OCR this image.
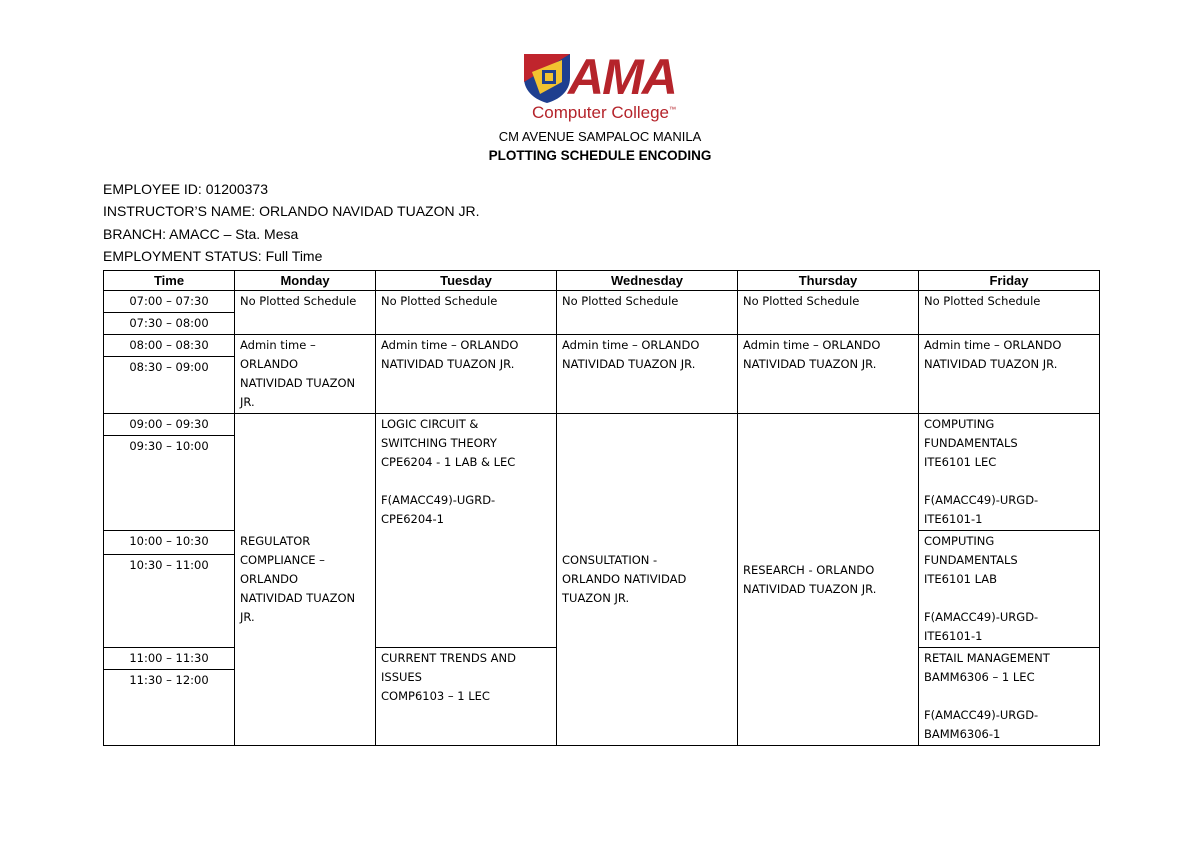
AMA
Computer College™
CM AVENUE SAMPALOC MANILA
PLOTTING SCHEDULE ENCODING
EMPLOYEE ID: 01200373
INSTRUCTOR’S NAME: ORLANDO NAVIDAD TUAZON JR.
BRANCH: AMACC – Sta. Mesa
EMPLOYMENT STATUS: Full Time
Time	Monday	Tuesday	Wednesday	Thursday	Friday
07:00 – 07:30	No Plotted Schedule	No Plotted Schedule	No Plotted Schedule	No Plotted Schedule	No Plotted Schedule
07:30 – 08:00					
08:00 – 08:30	Admin time –
ORLANDO
NATIVIDAD TUAZON
JR.	Admin time – ORLANDO
NATIVIDAD TUAZON JR.	Admin time – ORLANDO
NATIVIDAD TUAZON JR.	Admin time – ORLANDO
NATIVIDAD TUAZON JR.	Admin time – ORLANDO
NATIVIDAD TUAZON JR.
08:30 – 09:00					
09:00 – 09:30	REGULATOR
COMPLIANCE –
ORLANDO
NATIVIDAD TUAZON
JR.	LOGIC CIRCUIT &
SWITCHING THEORY
CPE6204 - 1 LAB & LEC

F(AMACC49)-UGRD-
CPE6204-1	CONSULTATION -
ORLANDO NATIVIDAD
TUAZON JR.	RESEARCH - ORLANDO
NATIVIDAD TUAZON JR.	COMPUTING
FUNDAMENTALS
ITE6101 LEC

F(AMACC49)-URGD-
ITE6101-1
09:30 – 10:00					
10:00 – 10:30					COMPUTING
FUNDAMENTALS
ITE6101 LAB

F(AMACC49)-URGD-
ITE6101-1
10:30 – 11:00					
11:00 – 11:30		CURRENT TRENDS AND
ISSUES
COMP6103 – 1 LEC			RETAIL MANAGEMENT
BAMM6306 – 1 LEC

F(AMACC49)-URGD-
BAMM6306-1
11:30 – 12:00					
